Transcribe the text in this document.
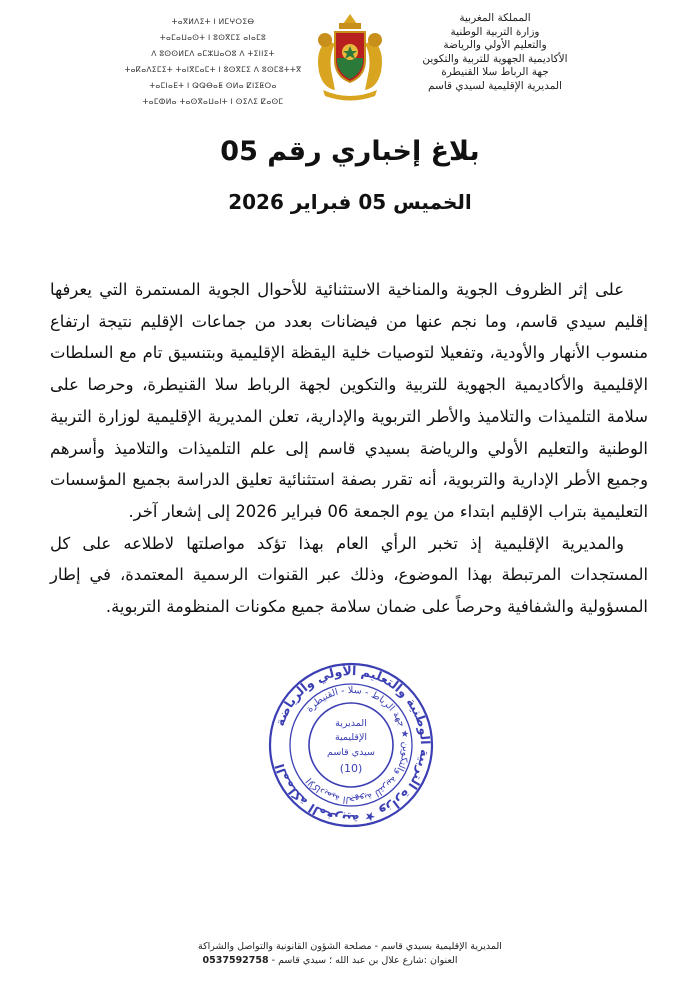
ⵜⴰⴳⵍⴷⵉⵜ ⵏ ⵍⵎⵖⵔⵉⴱ
ⵜⴰⵎⴰⵡⴰⵙⵜ ⵏ ⵓⵙⴳⵎⵉ ⴰⵏⴰⵎⵓ
ⴷ ⵓⵙⵙⵍⵎⴷ ⴰⵎⵣⵡⴰⵔⵓ ⴷ ⵜⵉⵏⵏⵉⵜ
ⵜⴰⴽⴰⴷⵉⵎⵉⵜ ⵜⴰⵏⴳⵎⴰⵎⵜ ⵏ ⵓⵙⴳⵎⵉ ⴷ ⵓⵙⵎⵓⵜⵜⴳ
ⵜⴰⵎⵏⴰⴹⵜ ⵏ ⵕⵕⴱⴰⵟ ⵙⵍⴰ ⵇⵏⵉⵟⵔⴰ
ⵜⴰⵎⵀⵍⴰ ⵜⴰⵙⴳⴰⵡⴰⵏⵜ ⵏ ⵙⵉⴷⵉ ⵇⴰⵙⵎ
المملكة المغربية
وزارة التربية الوطنية
والتعليم الأولي والرياضة
الأكاديمية الجهوية للتربية والتكوين
جهة الرباط سلا القنيطرة
المديرية الإقليمية لسيدي قاسم
بلاغ إخباري رقم 05
الخميس 05 فبراير 2026

على إثر الظروف الجوية والمناخية الاستثنائية للأحوال الجوية المستمرة التي يعرفها إقليم سيدي قاسم، وما نجم عنها من فيضانات بعدد من جماعات الإقليم نتيجة ارتفاع منسوب الأنهار والأودية، وتفعيلا لتوصيات خلية اليقظة الإقليمية وبتنسيق تام مع السلطات الإقليمية والأكاديمية الجهوية للتربية والتكوين لجهة الرباط سلا القنيطرة، وحرصا على سلامة التلميذات والتلاميذ والأطر التربوية والإدارية، تعلن المديرية الإقليمية لوزارة التربية الوطنية والتعليم الأولي والرياضة بسيدي قاسم إلى علم التلميذات والتلاميذ وأسرهم وجميع الأطر الإدارية والتربوية، أنه تقرر بصفة استثنائية تعليق الدراسة بجميع المؤسسات التعليمية بتراب الإقليم ابتداء من يوم الجمعة 06 فبراير 2026 إلى إشعار آخر.

والمديرية الإقليمية إذ تخبر الرأي العام بهذا تؤكد مواصلتها لاطلاعه على كل المستجدات المرتبطة بهذا الموضوع، وذلك عبر القنوات الرسمية المعتمدة، في إطار المسؤولية والشفافية وحرصاً على ضمان سلامة جميع مكونات المنظومة التربوية.

المملكة المغربية ★ وزارة التربية الوطنية والتعليم الأولي والرياضة
الأكاديمية الجهوية للتربية والتكوين ★ جهة الرباط - سلا - القنيطرة
المديرية
الإقليمية
سيدي قاسم
(10)
المديرية الإقليمية بسيدي قاسم - مصلحة الشؤون القانونية والتواصل والشراكة
العنوان :شارع علال بن عبد الله ؛ سيدي قاسم - 0537592758
